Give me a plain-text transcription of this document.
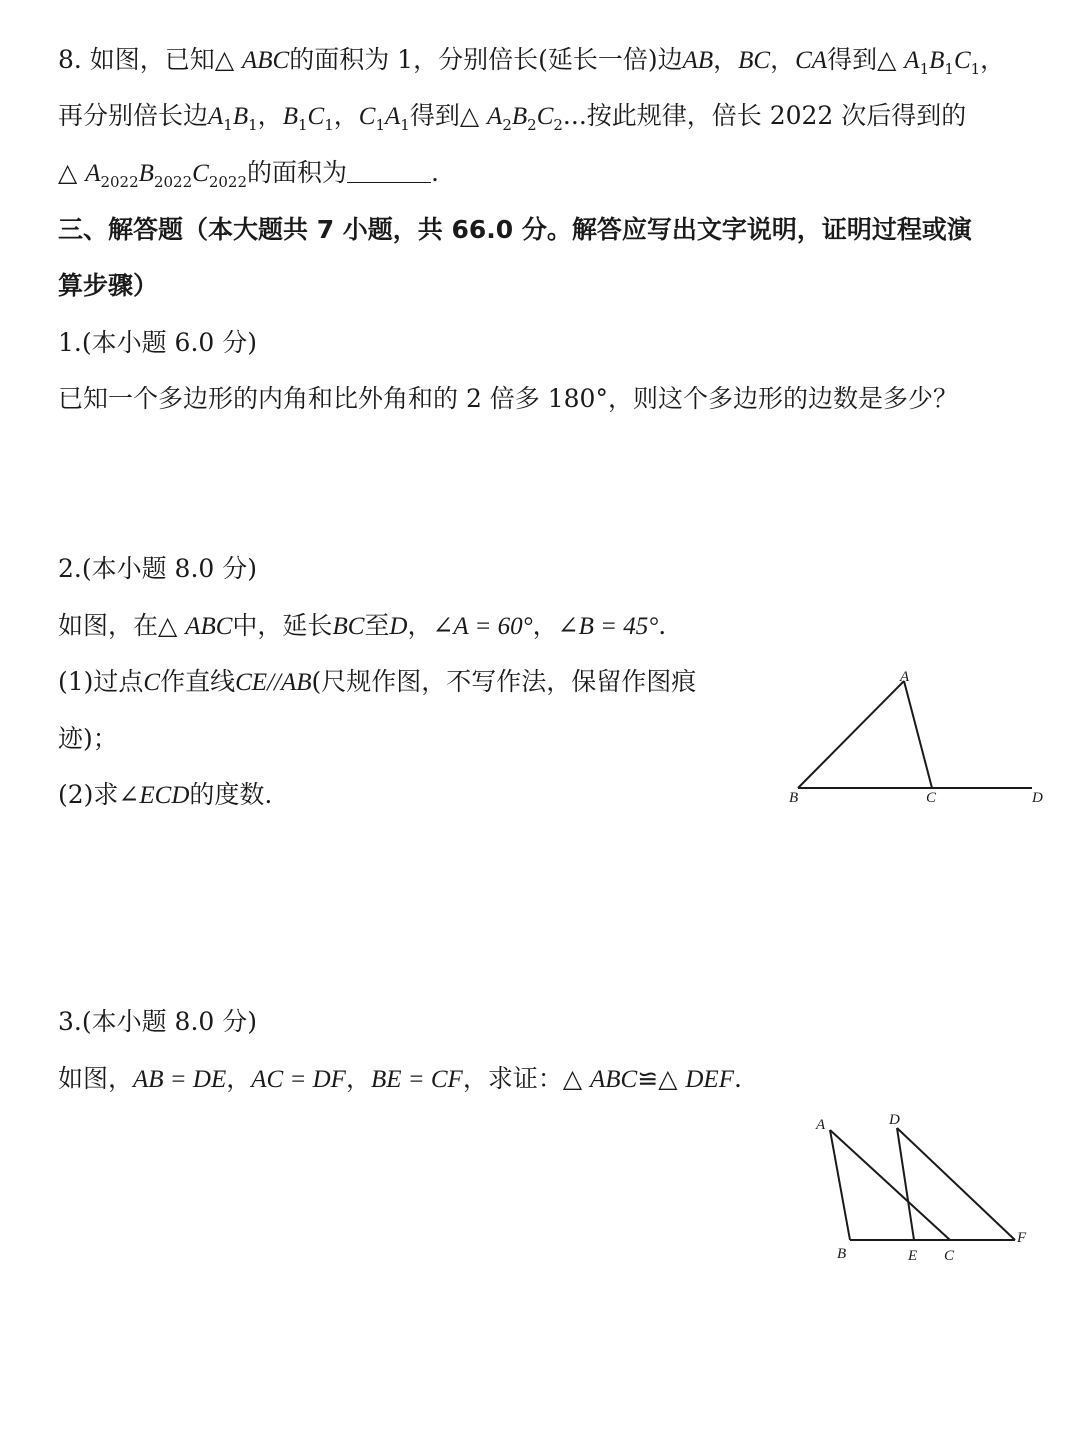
8. 如图，已知△ ABC的面积为 1，分别倍长(延长一倍)边AB，BC，CA得到△ $A_1B_1C_1$，
再分别倍长边$A_1B_1$，$B_1C_1$，$C_1A_1$得到△ $A_2B_2C_2$...按此规律，倍长 2022 次后得到的
△ $A_{2022}B_{2022}C_{2022}$的面积为	.
三、解答题（本大题共 7 小题，共 66.0 分。解答应写出文字说明，证明过程或演
算步骤）
1.(本小题 6.0 分)
已知一个多边形的内角和比外角和的 2 倍多 180°，则这个多边形的边数是多少？
2.(本小题 8.0 分)
如图，在△ ABC中，延长BC至D，∠A = 60°，∠B = 45°.
(1)过点C作直线CE//AB(尺规作图，不写作法，保留作图痕
迹)；
(2)求∠ECD的度数.
A
B	C	D
3.(本小题 8.0 分)
如图，AB = DE，AC = DF，BE = CF，求证：△ ABC≌△ DEF.
A	D
B	E C
F
